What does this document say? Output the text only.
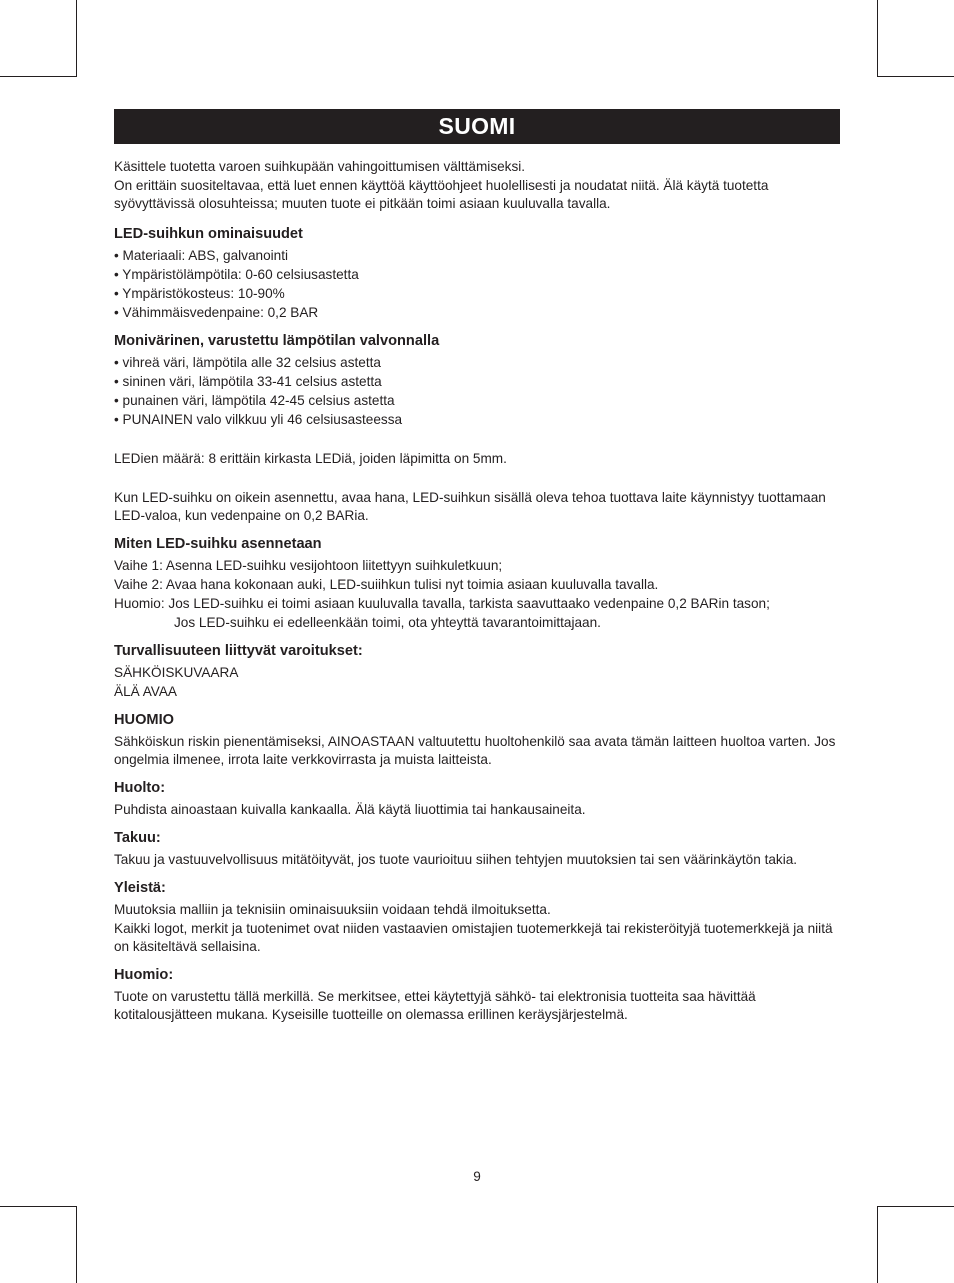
SUOMI

Käsittele tuotetta varoen suihkupään vahingoittumisen välttämiseksi.

On erittäin suositeltavaa, että luet ennen käyttöä käyttöohjeet huolellisesti ja noudatat niitä. Älä käytä tuotetta syövyttävissä olosuhteissa; muuten tuote ei pitkään toimi asiaan kuuluvalla tavalla.

LED-suihkun ominaisuudet

• Materiaali: ABS, galvanointi

• Ympäristölämpötila: 0-60 celsiusastetta

• Ympäristökosteus: 10-90%

• Vähimmäisvedenpaine: 0,2 BAR

Monivärinen, varustettu lämpötilan valvonnalla

• vihreä väri, lämpötila alle 32 celsius astetta

• sininen väri, lämpötila 33-41 celsius astetta

• punainen väri, lämpötila 42-45 celsius astetta

• PUNAINEN valo vilkkuu yli 46 celsiusasteessa

LEDien määrä: 8 erittäin kirkasta LEDiä, joiden läpimitta on 5mm.

Kun LED-suihku on oikein asennettu, avaa hana, LED-suihkun sisällä oleva tehoa tuottava laite käynnistyy tuottamaan LED-valoa, kun vedenpaine on 0,2 BARia.

Miten LED-suihku asennetaan

Vaihe 1: Asenna LED-suihku vesijohtoon liitettyyn suihkuletkuun;

Vaihe 2: Avaa hana kokonaan auki, LED-suiihkun tulisi nyt toimia asiaan kuuluvalla tavalla.

Huomio: Jos LED-suihku ei toimi asiaan kuuluvalla tavalla, tarkista saavuttaako vedenpaine 0,2 BARin tason;

Jos LED-suihku ei edelleenkään toimi, ota yhteyttä tavarantoimittajaan.

Turvallisuuteen liittyvät varoitukset:

SÄHKÖISKUVAARA

ÄLÄ AVAA

HUOMIO

Sähköiskun riskin pienentämiseksi, AINOASTAAN valtuutettu huoltohenkilö saa avata tämän laitteen huoltoa varten. Jos ongelmia ilmenee, irrota laite verkkovirrasta ja muista laitteista.

Huolto:

Puhdista ainoastaan kuivalla kankaalla. Älä käytä liuottimia tai hankausaineita.

Takuu:

Takuu ja vastuuvelvollisuus mitätöityvät, jos tuote vaurioituu siihen tehtyjen muutoksien tai sen väärinkäytön takia.

Yleistä:

Muutoksia malliin ja teknisiin ominaisuuksiin voidaan tehdä ilmoituksetta.

Kaikki logot, merkit ja tuotenimet ovat niiden vastaavien omistajien tuotemerkkejä tai rekisteröityjä tuotemerkkejä ja niitä on käsiteltävä sellaisina.

Huomio:

Tuote on varustettu tällä merkillä. Se merkitsee, ettei käytettyjä sähkö- tai elektronisia tuotteita saa hävittää kotitalousjätteen mukana. Kyseisille tuotteille on olemassa erillinen keräysjärjestelmä.

9
